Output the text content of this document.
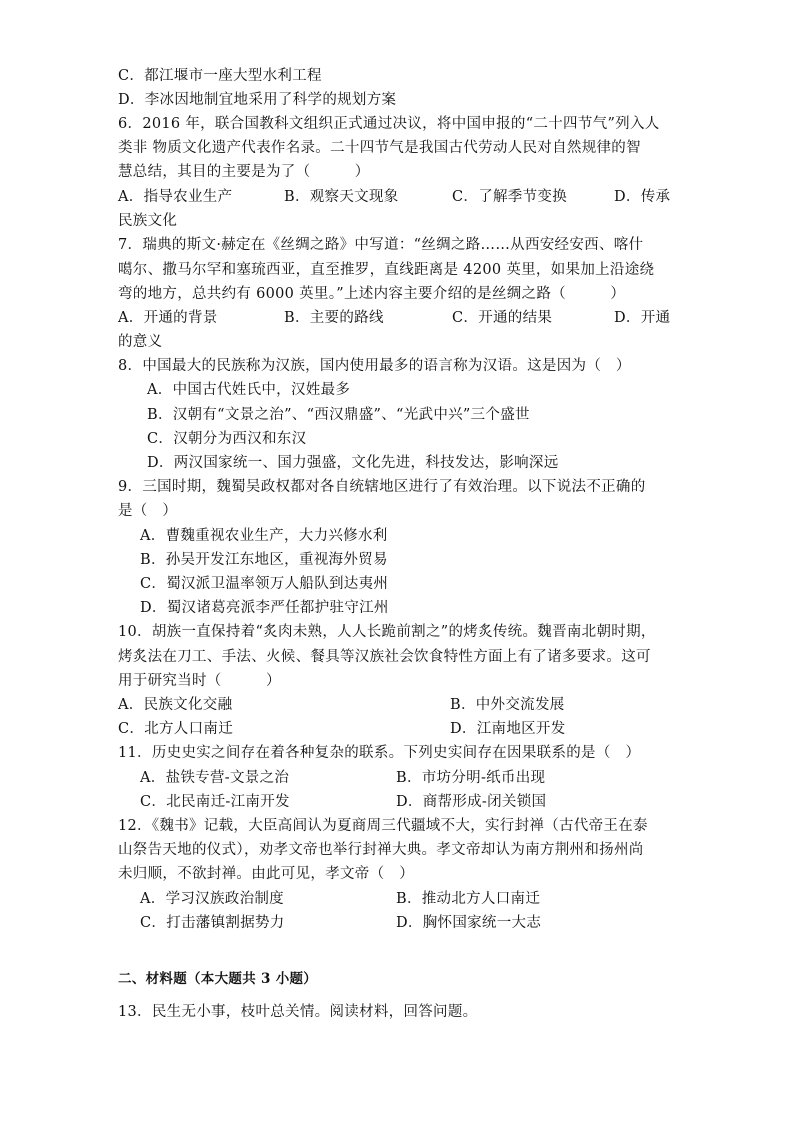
C．都江堰市一座大型水利工程
D．李冰因地制宜地采用了科学的规划方案
6．2016 年，联合国教科文组织正式通过决议，将中国申报的“二十四节气”列入人
类非 物质文化遗产代表作名录。二十四节气是我国古代劳动人民对自然规律的智
慧总结，其目的主要是为了（　　　）
A．指导农业生产	B．观察天文现象	C．了解季节变换	D．传承
民族文化
7．瑞典的斯文·赫定在《丝绸之路》中写道：“丝绸之路……从西安经安西、喀什
噶尔、撒马尔罕和塞琉西亚，直至推罗，直线距离是 4200 英里，如果加上沿途绕
弯的地方，总共约有 6000 英里。”上述内容主要介绍的是丝绸之路（　　　）
A．开通的背景	B．主要的路线	C．开通的结果	D．开通
的意义
8．中国最大的民族称为汉族，国内使用最多的语言称为汉语。这是因为（　）
A．中国古代姓氏中，汉姓最多
B．汉朝有“文景之治”、“西汉鼎盛”、“光武中兴”三个盛世
C．汉朝分为西汉和东汉
D．两汉国家统一、国力强盛，文化先进，科技发达，影响深远
9．三国时期，魏蜀吴政权都对各自统辖地区进行了有效治理。以下说法不正确的
是（　）
A．曹魏重视农业生产，大力兴修水利
B．孙吴开发江东地区，重视海外贸易
C．蜀汉派卫温率领万人船队到达夷州
D．蜀汉诸葛亮派李严任都护驻守江州
10．胡族一直保持着“炙肉未熟，人人长跪前割之”的烤炙传统。魏晋南北朝时期，
烤炙法在刀工、手法、火候、餐具等汉族社会饮食特性方面上有了诸多要求。这可
用于研究当时（　　　）
A．民族文化交融	B．中外交流发展
C．北方人口南迁	D．江南地区开发
11．历史史实之间存在着各种复杂的联系。下列史实间存在因果联系的是（　）
A．盐铁专营-文景之治	B．市坊分明-纸币出现
C．北民南迁-江南开发	D．商帮形成-闭关锁国
12．《魏书》记载，大臣高闾认为夏商周三代疆域不大，实行封禅（古代帝王在泰
山祭告天地的仪式），劝孝文帝也举行封禅大典。孝文帝却认为南方荆州和扬州尚
未归顺，不欲封禅。由此可见，孝文帝（　）
A．学习汉族政治制度	B．推动北方人口南迁
C．打击藩镇割据势力	D．胸怀国家统一大志
二、材料题（本大题共 3 小题）
13．民生无小事，枝叶总关情。阅读材料，回答问题。
